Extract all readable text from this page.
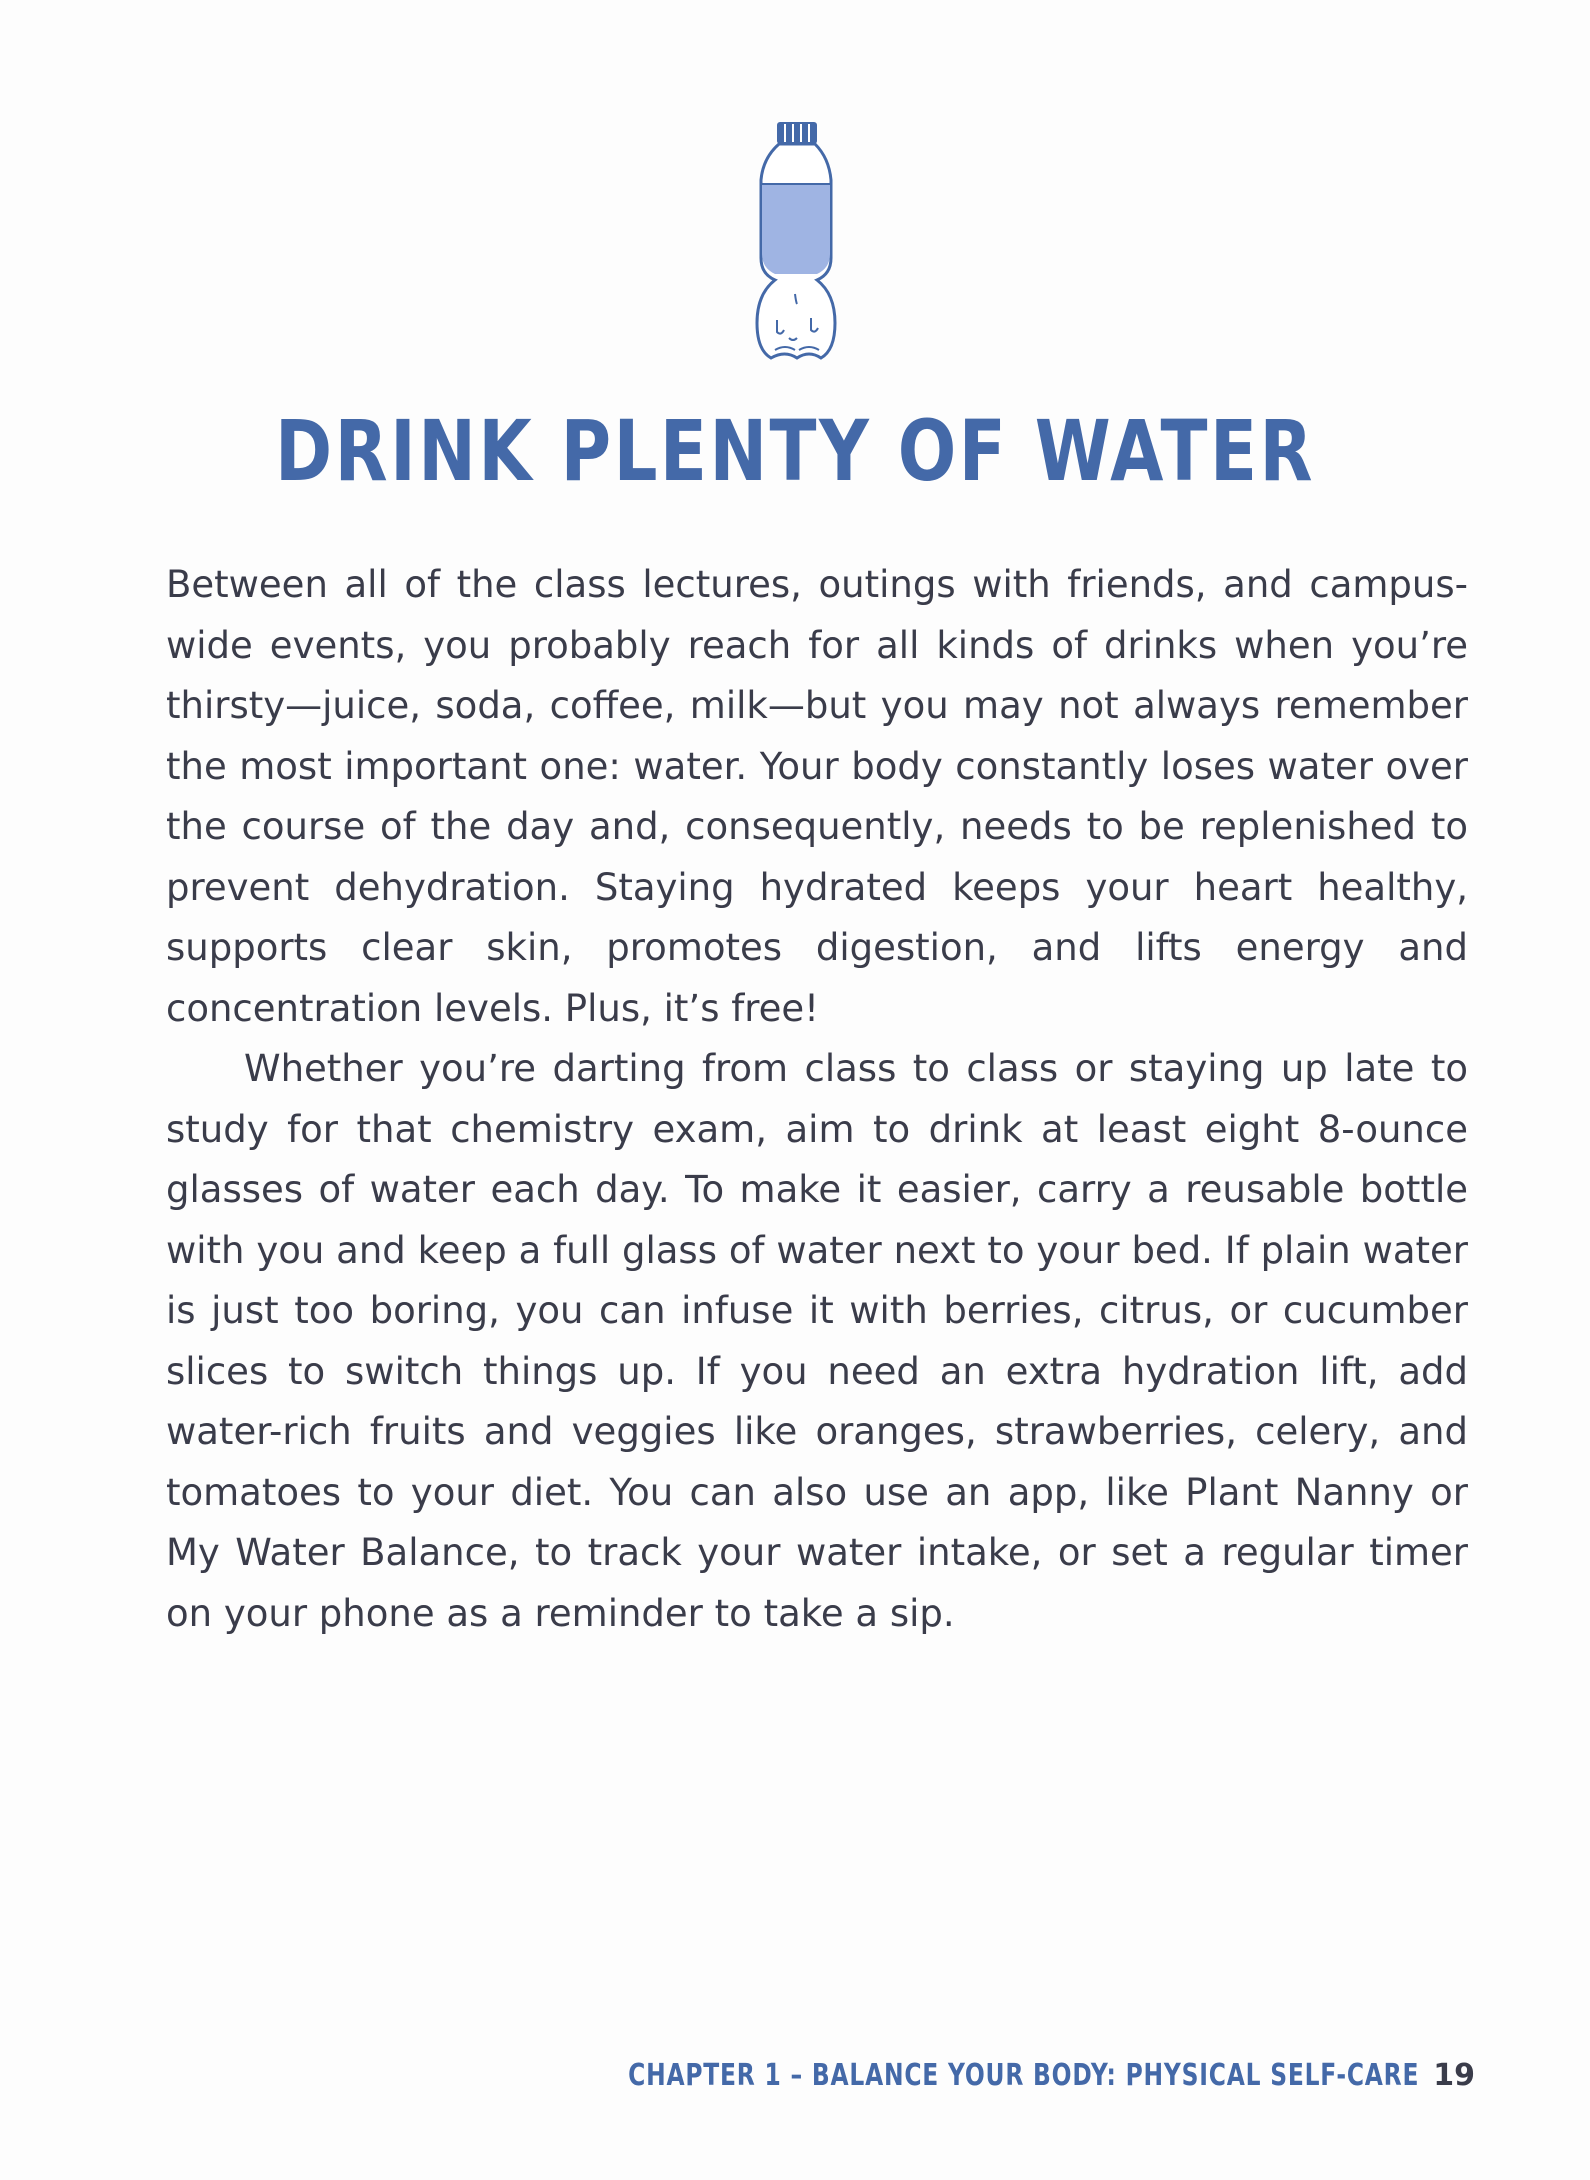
DRINK PLENTY OF WATER

Between all of the class lectures, outings with friends, and campus-wide events, you probably reach for all kinds of drinks when you’re thirsty—juice, soda, coffee, milk—but you may not always remember the most important one: water. Your body constantly loses water over the course of the day and, consequently, needs to be replenished to prevent dehydration. Staying hydrated keeps your heart healthy, supports clear skin, promotes digestion, and lifts energy and concentration levels. Plus, it’s free!

Whether you’re darting from class to class or staying up late to study for that chemistry exam, aim to drink at least eight 8-ounce glasses of water each day. To make it easier, carry a reusable bottle with you and keep a full glass of water next to your bed. If plain water is just too boring, you can infuse it with berries, citrus, or cucumber slices to switch things up. If you need an extra hydration lift, add water-rich fruits and veggies like oranges, strawberries, celery, and tomatoes to your diet. You can also use an app, like Plant Nanny or My Water Balance, to track your water intake, or set a regular timer on your phone as a reminder to take a sip.

CHAPTER 1 – BALANCE YOUR BODY: PHYSICAL SELF-CARE 19
